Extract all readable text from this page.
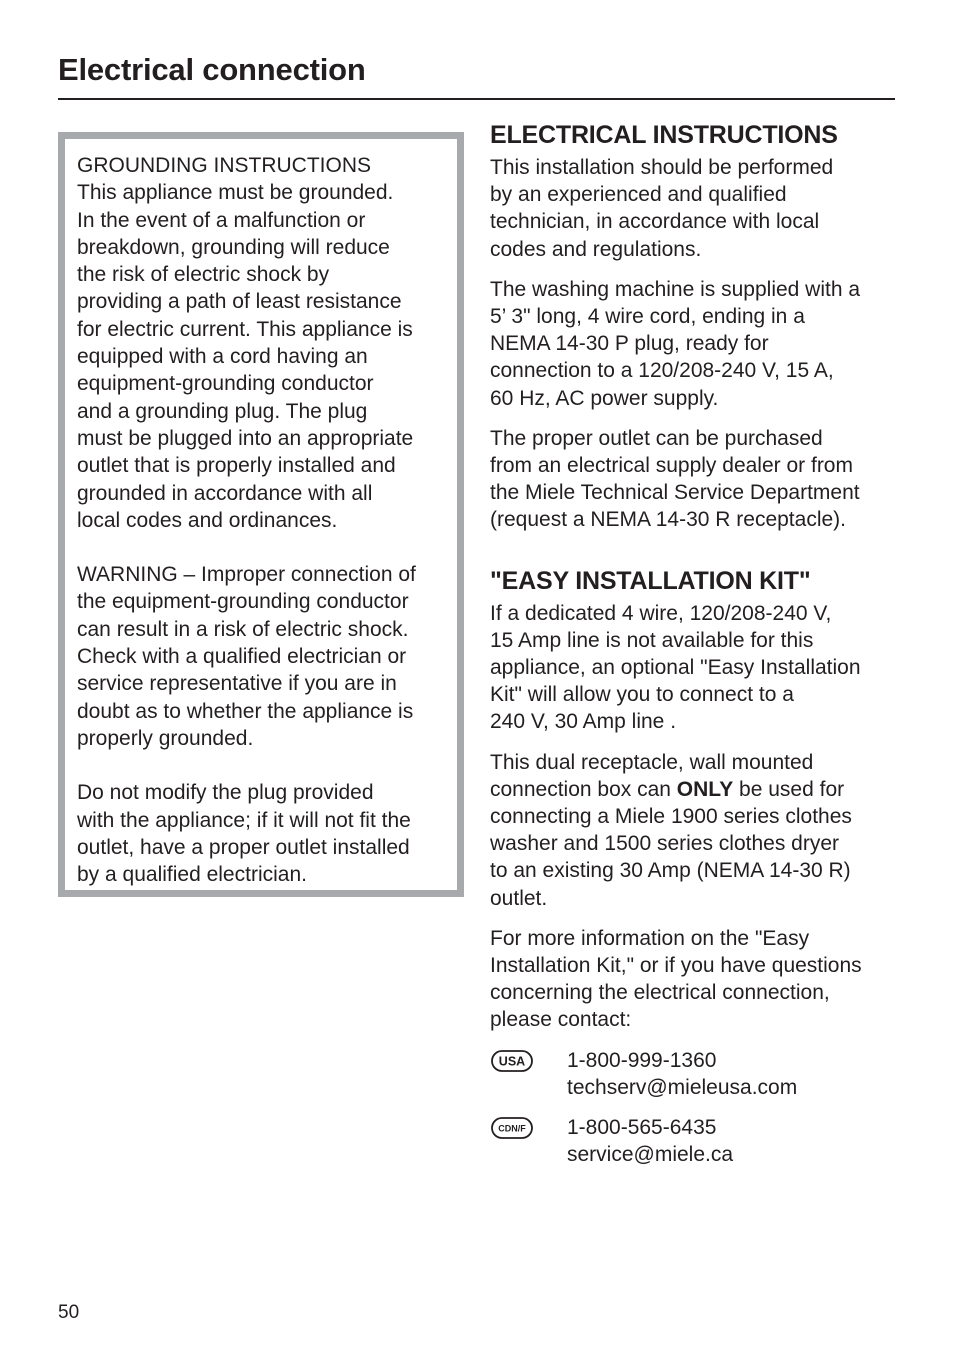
Electrical connection

GROUNDING INSTRUCTIONS
This appliance must be grounded.
In the event of a malfunction or
breakdown, grounding will reduce
the risk of electric shock by
providing a path of least resistance
for electric current. This appliance is
equipped with a cord having an
equipment-grounding conductor
and a grounding plug. The plug
must be plugged into an appropriate
outlet that is properly installed and
grounded in accordance with all
local codes and ordinances.

WARNING – Improper connection of
the equipment-grounding conductor
can result in a risk of electric shock.
Check with a qualified electrician or
service representative if you are in
doubt as to whether the appliance is
properly grounded.

Do not modify the plug provided
with the appliance; if it will not fit the
outlet, have a proper outlet installed
by a qualified electrician.

ELECTRICAL INSTRUCTIONS

This installation should be performed
by an experienced and qualified
technician, in accordance with local
codes and regulations.

The washing machine is supplied with a
5’ 3" long, 4 wire cord, ending in a
NEMA 14-30 P plug, ready for
connection to a 120/208-240 V, 15 A,
60 Hz, AC power supply.

The proper outlet can be purchased
from an electrical supply dealer or from
the Miele Technical Service Department
(request a NEMA 14-30 R receptacle).

"EASY INSTALLATION KIT"

If a dedicated 4 wire, 120/208-240 V,
15 Amp line is not available for this
appliance, an optional "Easy Installation
Kit" will allow you to connect to a
240 V, 30 Amp line .

This dual receptacle, wall mounted
connection box can ONLY be used for
connecting a Miele 1900 series clothes
washer and 1500 series clothes dryer
to an existing 30 Amp (NEMA 14-30 R)
outlet.

For more information on the "Easy
Installation Kit," or if you have questions
concerning the electrical connection,
please contact:

USA 1-800-999-1360
techserv@mieleusa.com
CDN/F 1-800-565-6435
service@miele.ca
50
